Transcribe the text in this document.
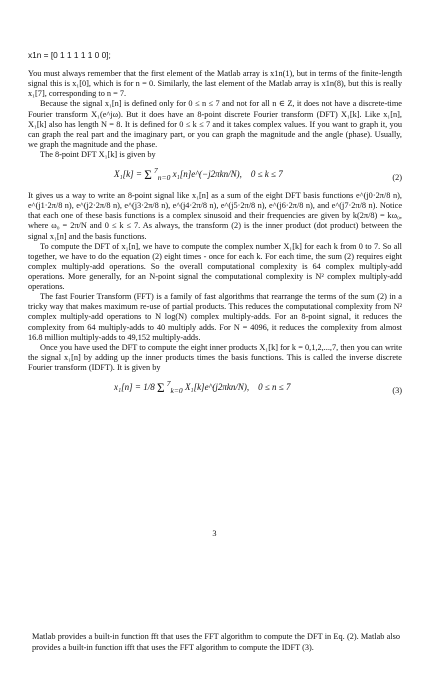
x1n = [0 1 1 1 1 1 0 0];

You must always remember that the first element of the Matlab array is x1n(1), but in terms of the finite-length signal this is x₁[0], which is for n = 0. Similarly, the last element of the Matlab array is x1n(8), but this is really x₁[7], corresponding to n = 7.

Because the signal x₁[n] is defined only for 0 ≤ n ≤ 7 and not for all n ∈ Z, it does not have a discrete-time Fourier transform X₁(e^jω). But it does have an 8-point discrete Fourier transform (DFT) X₁[k]. Like x₁[n], X₁[k] also has length N = 8. It is defined for 0 ≤ k ≤ 7 and it takes complex values. If you want to graph it, you can graph the real part and the imaginary part, or you can graph the magnitude and the angle (phase). Usually, we graph the magnitude and the phase.

The 8-point DFT X₁[k] is given by

X₁[k] = Σ $^7_{n=0}$ x₁[n]e^(−j2πkn/N), 0 ≤ k ≤ 7	(2)

It gives us a way to write an 8-point signal like x₁[n] as a sum of the eight DFT basis functions e^(j0·2π/8 n), e^(j1·2π/8 n), e^(j2·2π/8 n), e^(j3·2π/8 n), e^(j4·2π/8 n), e^(j5·2π/8 n), e^(j6·2π/8 n), and e^(j7·2π/8 n). Notice that each one of these basis functions is a complex sinusoid and their frequencies are given by k(2π/8) = kω₀, where ω₀ = 2π/N and 0 ≤ k ≤ 7. As always, the transform (2) is the inner product (dot product) between the signal x₁[n] and the basis functions.

To compute the DFT of x₁[n], we have to compute the complex number X₁[k] for each k from 0 to 7. So all together, we have to do the equation (2) eight times - once for each k. For each time, the sum (2) requires eight complex multiply-add operations. So the overall computational complexity is 64 complex multiply-add operations. More generally, for an N-point signal the computational complexity is N² complex multiply-add operations.

The fast Fourier Transform (FFT) is a family of fast algorithms that rearrange the terms of the sum (2) in a tricky way that makes maximum re-use of partial products. This reduces the computational complexity from N² complex multiply-add operations to N log(N) complex multiply-adds. For an 8-point signal, it reduces the complexity from 64 multiply-adds to 40 multiply adds. For N = 4096, it reduces the complexity from almost 16.8 million multiply-adds to 49,152 multiply-adds.

Once you have used the DFT to compute the eight inner products X₁[k] for k = 0,1,2,...,7, then you can write the signal x₁[n] by adding up the inner products times the basis functions. This is called the inverse discrete Fourier transform (IDFT). It is given by

x₁[n] = 1/8 Σ $^7_{k=0}$ X₁[k]e^(j2πkn/N), 0 ≤ n ≤ 7	(3)
3
Matlab provides a built-in function fft that uses the FFT algorithm to compute the DFT in Eq. (2). Matlab also provides a built-in function ifft that uses the FFT algorithm to compute the IDFT (3).
